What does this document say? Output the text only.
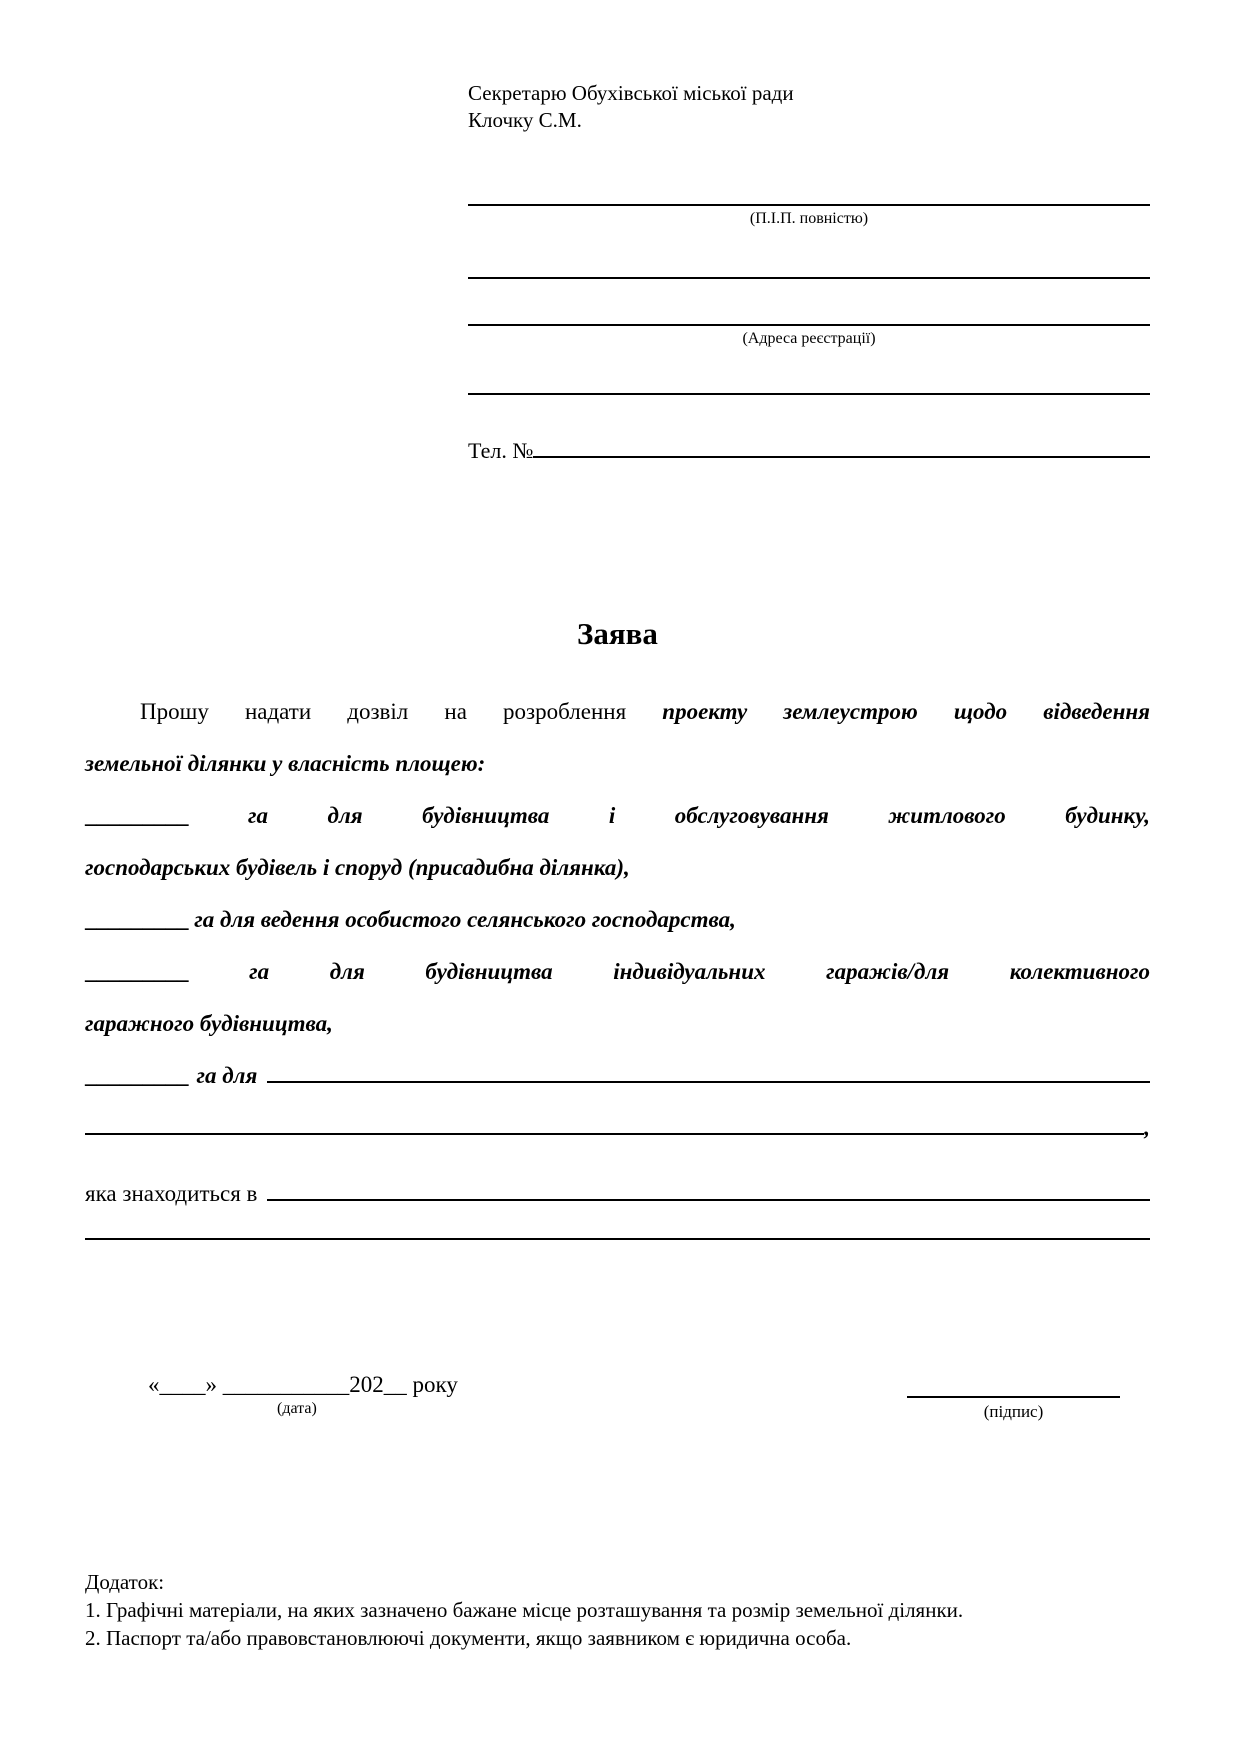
Секретарю Обухівської міської ради
Клочку С.М.
(П.І.П. повністю)
(Адреса реєстрації)
Тел. №
Заява
Прошу надати дозвіл на розроблення проекту землеустрою щодо відведення
земельної ділянки у власність площею:
_________	га для будівництва і обслуговування житлового будинку,
господарських будівель і споруд (присадибна ділянка),
_________ га для ведення особистого селянського господарства,
_________	га для будівництва індивідуальних гаражів/для колективного
гаражного будівництва,
_________ га для
,
яка знаходиться в
«____» ___________202__ року
(дата)	(підпис)
Додаток:
1. Графічні матеріали, на яких зазначено бажане місце розташування та розмір земельної ділянки.
2. Паспорт та/або правовстановлюючі документи, якщо заявником є юридична особа.
